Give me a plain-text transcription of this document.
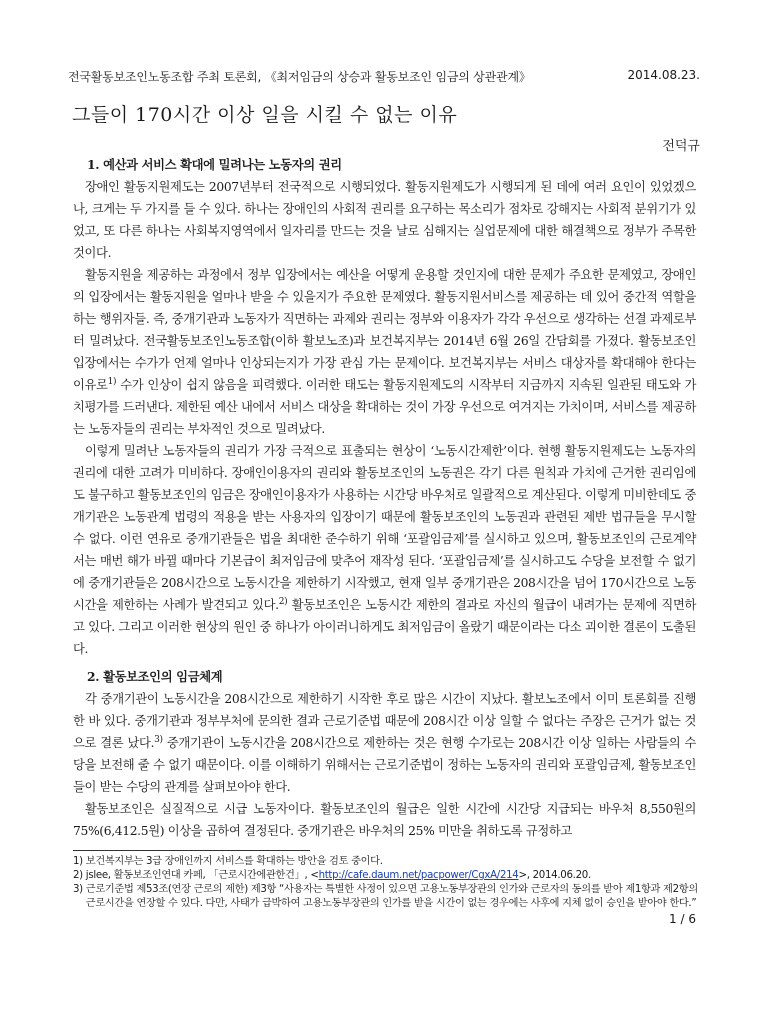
전국활동보조인노동조합 주최 토론회, 《최저임금의 상승과 활동보조인 임금의 상관관계》	2014.08.23.
그들이 170시간 이상 일을 시킬 수 없는 이유
전덕규

1. 예산과 서비스 확대에 밀려나는 노동자의 권리

장애인 활동지원제도는 2007년부터 전국적으로 시행되었다. 활동지원제도가 시행되게 된 데에 여러 요인이 있었겠으나, 크게는 두 가지를 들 수 있다. 하나는 장애인의 사회적 권리를 요구하는 목소리가 점차로 강해지는 사회적 분위기가 있었고, 또 다른 하나는 사회복지영역에서 일자리를 만드는 것을 날로 심해지는 실업문제에 대한 해결책으로 정부가 주목한 것이다.

활동지원을 제공하는 과정에서 정부 입장에서는 예산을 어떻게 운용할 것인지에 대한 문제가 주요한 문제였고, 장애인의 입장에서는 활동지원을 얼마나 받을 수 있을지가 주요한 문제였다. 활동지원서비스를 제공하는 데 있어 중간적 역할을 하는 행위자들. 즉, 중개기관과 노동자가 직면하는 과제와 권리는 정부와 이용자가 각각 우선으로 생각하는 선결 과제로부터 밀려났다. 전국활동보조인노동조합(이하 활보노조)과 보건복지부는 2014년 6월 26일 간담회를 가졌다. 활동보조인 입장에서는 수가가 언제 얼마나 인상되는지가 가장 관심 가는 문제이다. 보건복지부는 서비스 대상자를 확대해야 한다는 이유로$^{1)}$ 수가 인상이 쉽지 않음을 피력했다. 이러한 태도는 활동지원제도의 시작부터 지금까지 지속된 일관된 태도와 가치평가를 드러낸다. 제한된 예산 내에서 서비스 대상을 확대하는 것이 가장 우선으로 여겨지는 가치이며, 서비스를 제공하는 노동자들의 권리는 부차적인 것으로 밀려났다.

이렇게 밀려난 노동자들의 권리가 가장 극적으로 표출되는 현상이 ‘노동시간제한’이다. 현행 활동지원제도는 노동자의 권리에 대한 고려가 미비하다. 장애인이용자의 권리와 활동보조인의 노동권은 각기 다른 원칙과 가치에 근거한 권리임에도 불구하고 활동보조인의 임금은 장애인이용자가 사용하는 시간당 바우처로 일괄적으로 계산된다. 이렇게 미비한데도 중개기관은 노동관계 법령의 적용을 받는 사용자의 입장이기 때문에 활동보조인의 노동권과 관련된 제반 법규들을 무시할 수 없다. 이런 연유로 중개기관들은 법을 최대한 준수하기 위해 ‘포괄임금제’를 실시하고 있으며, 활동보조인의 근로계약서는 매번 해가 바뀔 때마다 기본급이 최저임금에 맞추어 재작성 된다. ‘포괄임금제’를 실시하고도 수당을 보전할 수 없기에 중개기관들은 208시간으로 노동시간을 제한하기 시작했고, 현재 일부 중개기관은 208시간을 넘어 170시간으로 노동시간을 제한하는 사례가 발견되고 있다.$^{2)}$ 활동보조인은 노동시간 제한의 결과로 자신의 월급이 내려가는 문제에 직면하고 있다. 그리고 이러한 현상의 원인 중 하나가 아이러니하게도 최저임금이 올랐기 때문이라는 다소 괴이한 결론이 도출된다.

2. 활동보조인의 임금체계

각 중개기관이 노동시간을 208시간으로 제한하기 시작한 후로 많은 시간이 지났다. 활보노조에서 이미 토론회를 진행한 바 있다. 중개기관과 정부부처에 문의한 결과 근로기준법 때문에 208시간 이상 일할 수 없다는 주장은 근거가 없는 것으로 결론 났다.$^{3)}$ 중개기관이 노동시간을 208시간으로 제한하는 것은 현행 수가로는 208시간 이상 일하는 사람들의 수당을 보전해 줄 수 없기 때문이다. 이를 이해하기 위해서는 근로기준법이 정하는 노동자의 권리와 포괄임금제, 활동보조인들이 받는 수당의 관계를 살펴보아야 한다.

활동보조인은 실질적으로 시급 노동자이다. 활동보조인의 월급은 일한 시간에 시간당 지급되는 바우처 8,550원의 75%(6,412.5원) 이상을 곱하여 결정된다. 중개기관은 바우처의 25% 미만을 취하도록 규정하고

1) 보건복지부는 3급 장애인까지 서비스를 확대하는 방안을 검토 중이다.
2) jslee, 활동보조인연대 카페, 「근로시간에관한건」, <http://cafe.daum.net/pacpower/CgxA/214>, 2014.06.20.
3) 근로기준법 제53조(연장 근로의 제한) 제3항 “사용자는 특별한 사정이 있으면 고용노동부장관의 인가와 근로자의 동의를 받아 제1항과 제2항의 근로시간을 연장할 수 있다. 다만, 사태가 급박하여 고용노동부장관의 인가를 받을 시간이 없는 경우에는 사후에 지체 없이 승인을 받아야 한다.”
1 / 6
